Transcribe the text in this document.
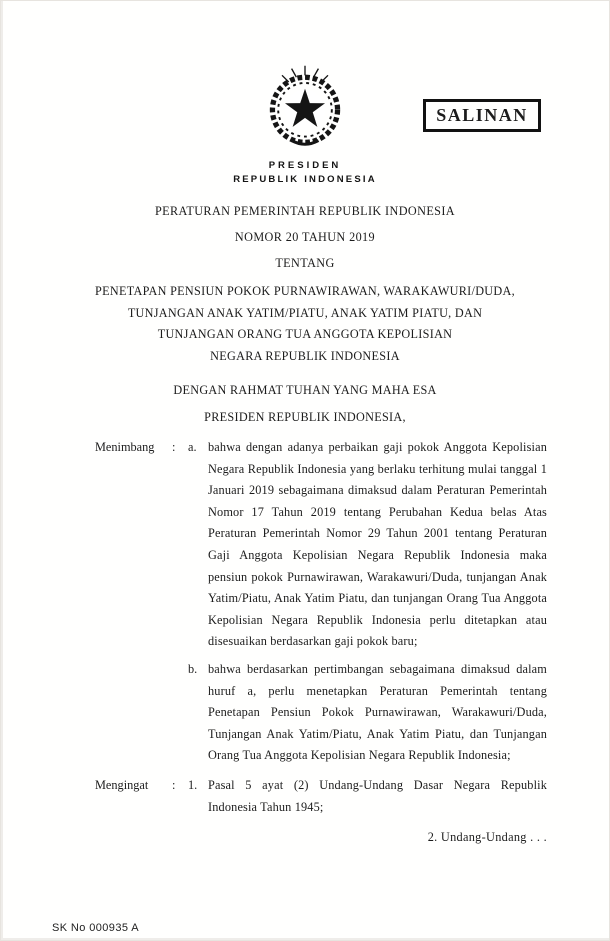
SALINAN
PRESIDEN
REPUBLIK INDONESIA
PERATURAN PEMERINTAH REPUBLIK INDONESIA
NOMOR 20 TAHUN 2019
TENTANG
PENETAPAN PENSIUN POKOK PURNAWIRAWAN, WARAKAWURI/DUDA,
TUNJANGAN ANAK YATIM/PIATU, ANAK YATIM PIATU, DAN
TUNJANGAN ORANG TUA ANGGOTA KEPOLISIAN
NEGARA REPUBLIK INDONESIA
DENGAN RAHMAT TUHAN YANG MAHA ESA
PRESIDEN REPUBLIK INDONESIA,
Menimbang	:	a. bahwa dengan adanya perbaikan gaji pokok Anggota Kepolisian Negara Republik Indonesia yang berlaku terhitung mulai tanggal 1 Januari 2019 sebagaimana dimaksud dalam Peraturan Pemerintah Nomor 17 Tahun 2019 tentang Perubahan Kedua belas Atas Peraturan Pemerintah Nomor 29 Tahun 2001 tentang Peraturan Gaji Anggota Kepolisian Negara Republik Indonesia maka pensiun pokok Purnawirawan, Warakawuri/Duda, tunjangan Anak Yatim/Piatu, Anak Yatim Piatu, dan tunjangan Orang Tua Anggota Kepolisian Negara Republik Indonesia perlu ditetapkan atau disesuaikan berdasarkan gaji pokok baru;
b. bahwa berdasarkan pertimbangan sebagaimana dimaksud dalam huruf a, perlu menetapkan Peraturan Pemerintah tentang Penetapan Pensiun Pokok Purnawirawan, Warakawuri/Duda, Tunjangan Anak Yatim/Piatu, Anak Yatim Piatu, dan Tunjangan Orang Tua Anggota Kepolisian Negara Republik Indonesia;
Mengingat	:	1. Pasal 5 ayat (2) Undang-Undang Dasar Negara Republik Indonesia Tahun 1945;
2. Undang-Undang . . .
SK No 000935 A
